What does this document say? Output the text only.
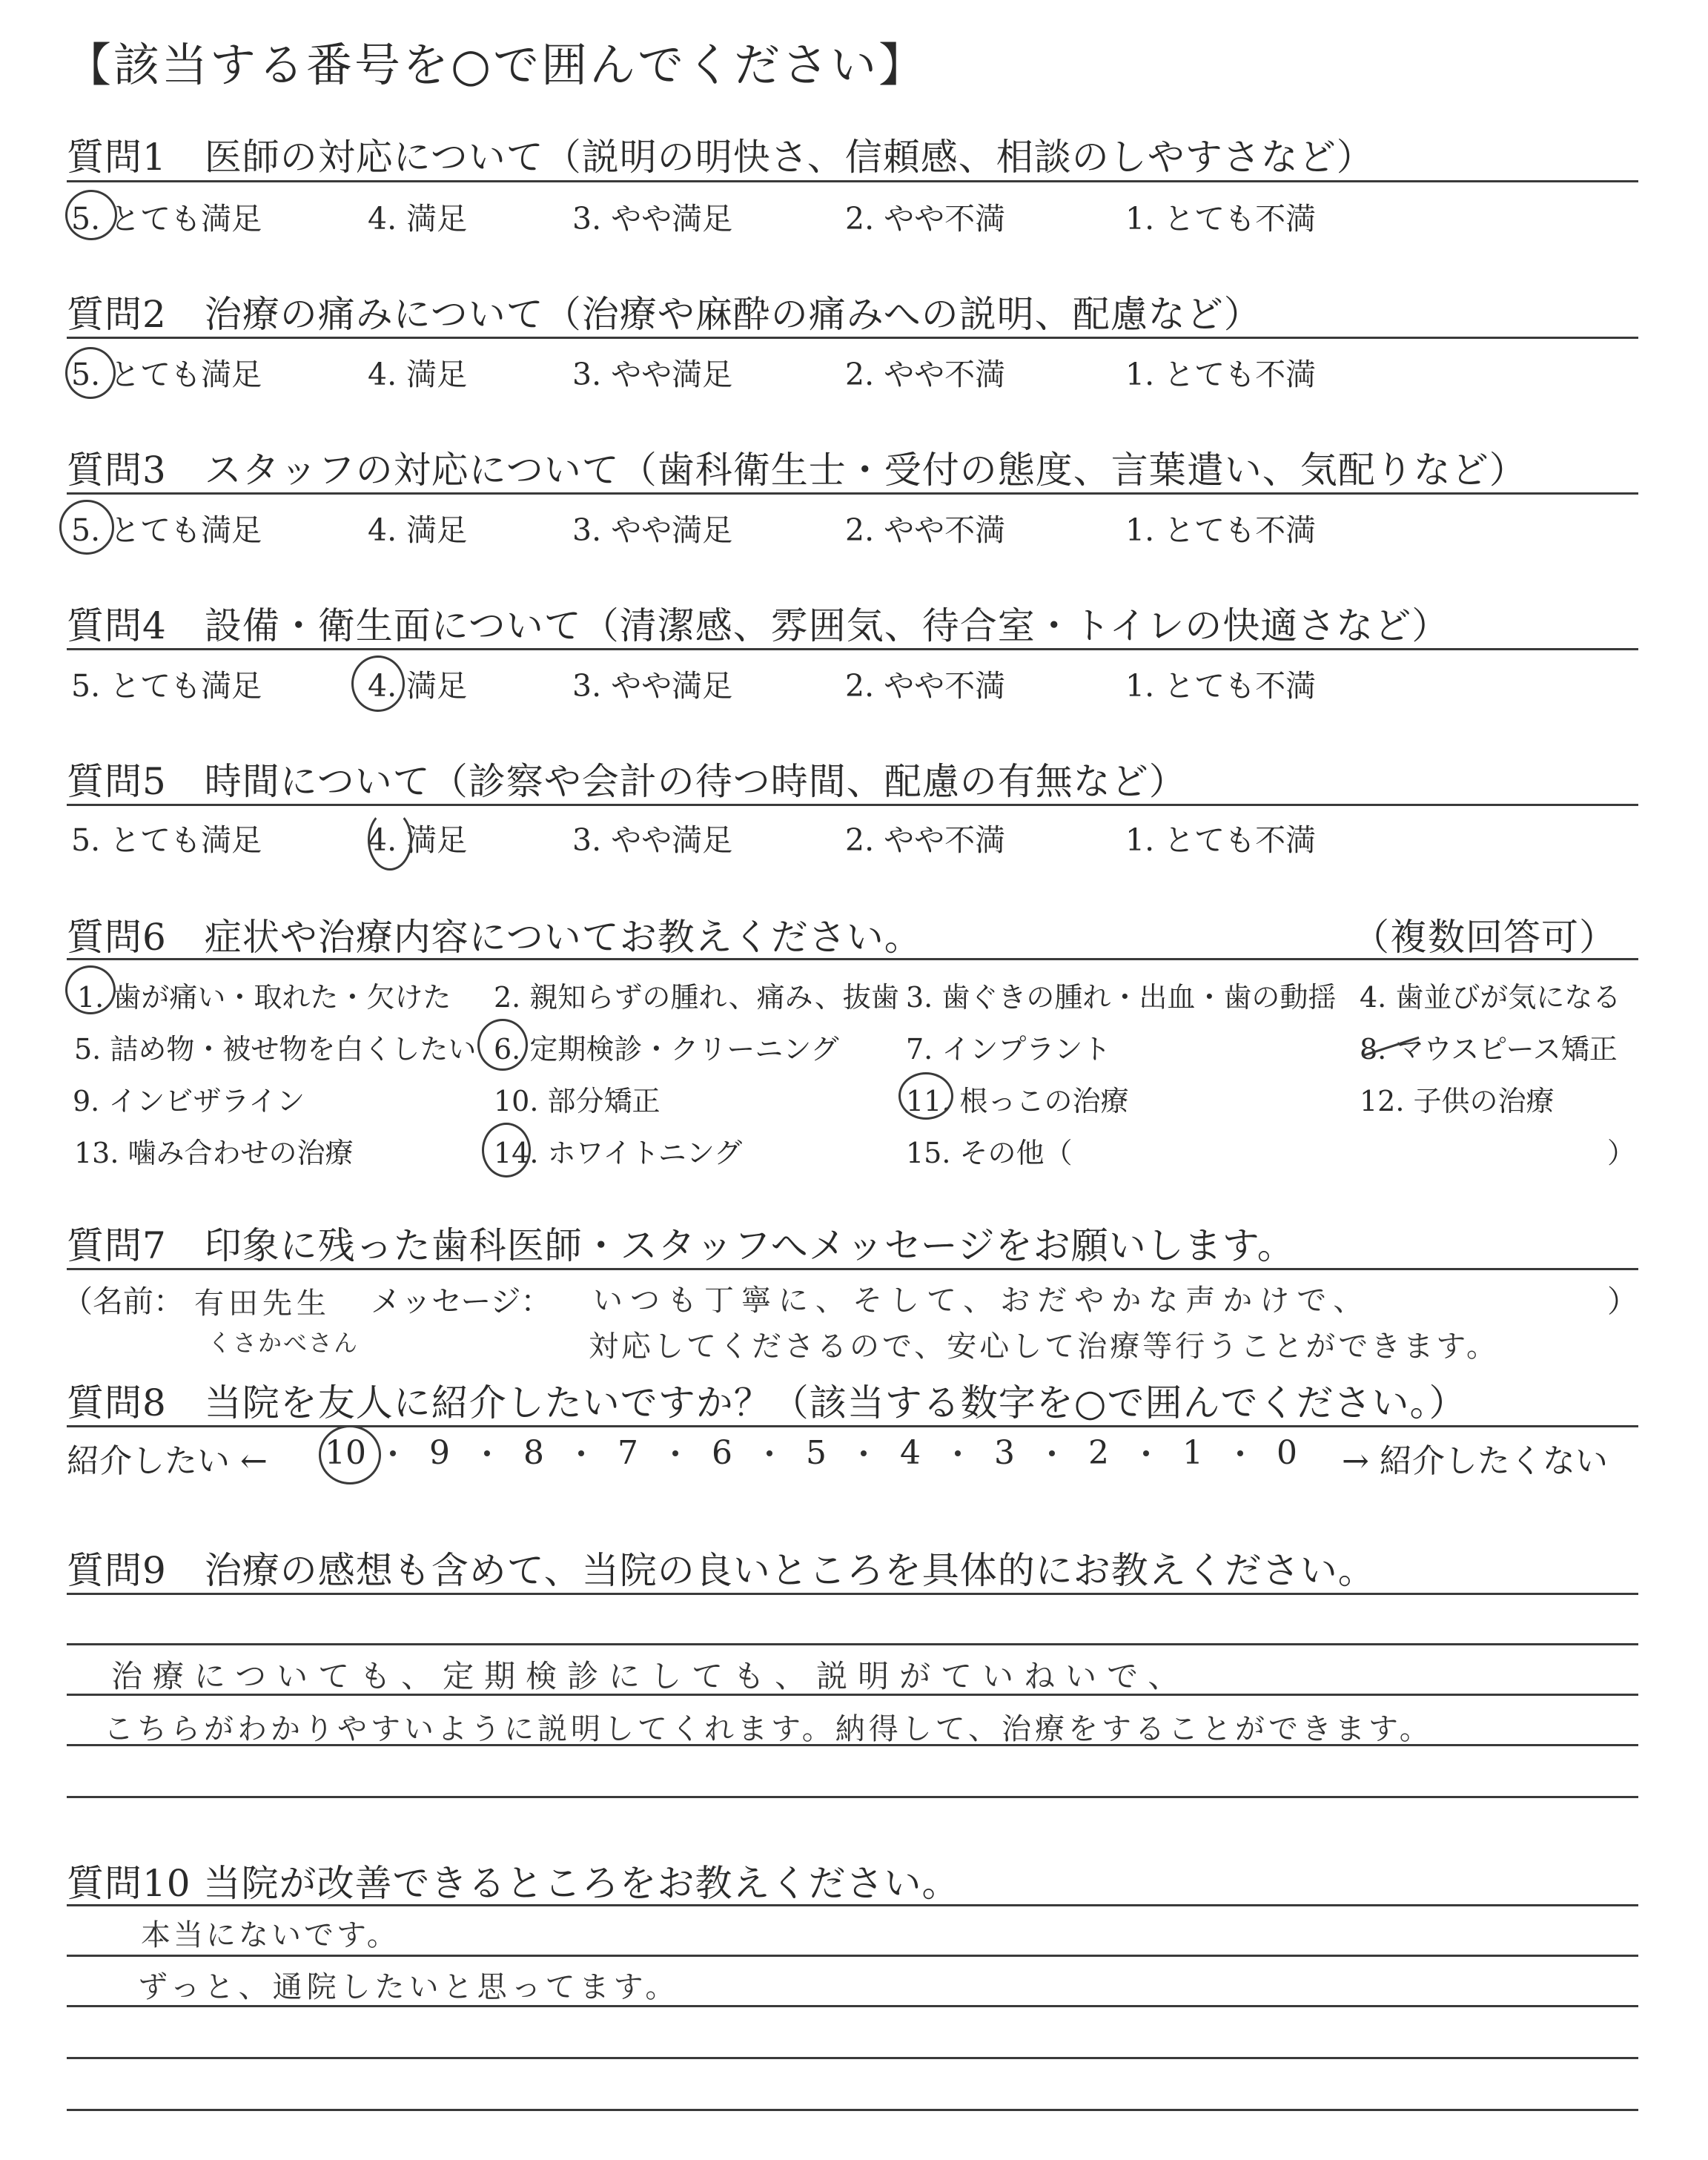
【該当する番号を○で囲んでください】
質問1　医師の対応について（説明の明快さ、信頼感、相談のしやすさなど）
5. とても満足	4. 満足	3. やや満足	2. やや不満	1. とても不満
質問2　治療の痛みについて（治療や麻酔の痛みへの説明、配慮など）
5. とても満足	4. 満足	3. やや満足	2. やや不満	1. とても不満
質問3　スタッフの対応について（歯科衛生士・受付の態度、言葉遣い、気配りなど）
5. とても満足	4. 満足	3. やや満足	2. やや不満	1. とても不満
質問4　設備・衛生面について（清潔感、雰囲気、待合室・トイレの快適さなど）
5. とても満足	4. 満足	3. やや満足	2. やや不満	1. とても不満
質問5　時間について（診察や会計の待つ時間、配慮の有無など）
5. とても満足	4. 満足	3. やや満足	2. やや不満	1. とても不満
質問6　症状や治療内容についてお教えください。	（複数回答可）
1. 歯が痛い・取れた・欠けた 2. 親知らずの腫れ、痛み、抜歯 3. 歯ぐきの腫れ・出血・歯の動揺 4. 歯並びが気になる
5. 詰め物・被せ物を白くしたい 6. 定期検診・クリーニング 7. インプラント	8. マウスピース矯正
9. インビザライン	10. 部分矯正	11. 根っこの治療	12. 子供の治療
13. 噛み合わせの治療	14. ホワイトニング	15. その他（	）
質問7　印象に残った歯科医師・スタッフへメッセージをお願いします。
（名前： 有田先生
くさかべさん
メッセージ： いつも丁寧に、そして、おだやかな声かけで、
対応してくださるので、安心して治療等行うことができます。
）
質問8　当院を友人に紹介したいですか？（該当する数字を○で囲んでください。）
紹介したい ←	→ 紹介したくない
10	9	8	7	6	5	4	3	2	1	0
質問9　治療の感想も含めて、当院の良いところを具体的にお教えください。
治療についても、定期検診にしても、説明がていねいで、
こちらがわかりやすいように説明してくれます。納得して、治療をすることができます。
質問10 当院が改善できるところをお教えください。
本当にないです。
ずっと、通院したいと思ってます。
